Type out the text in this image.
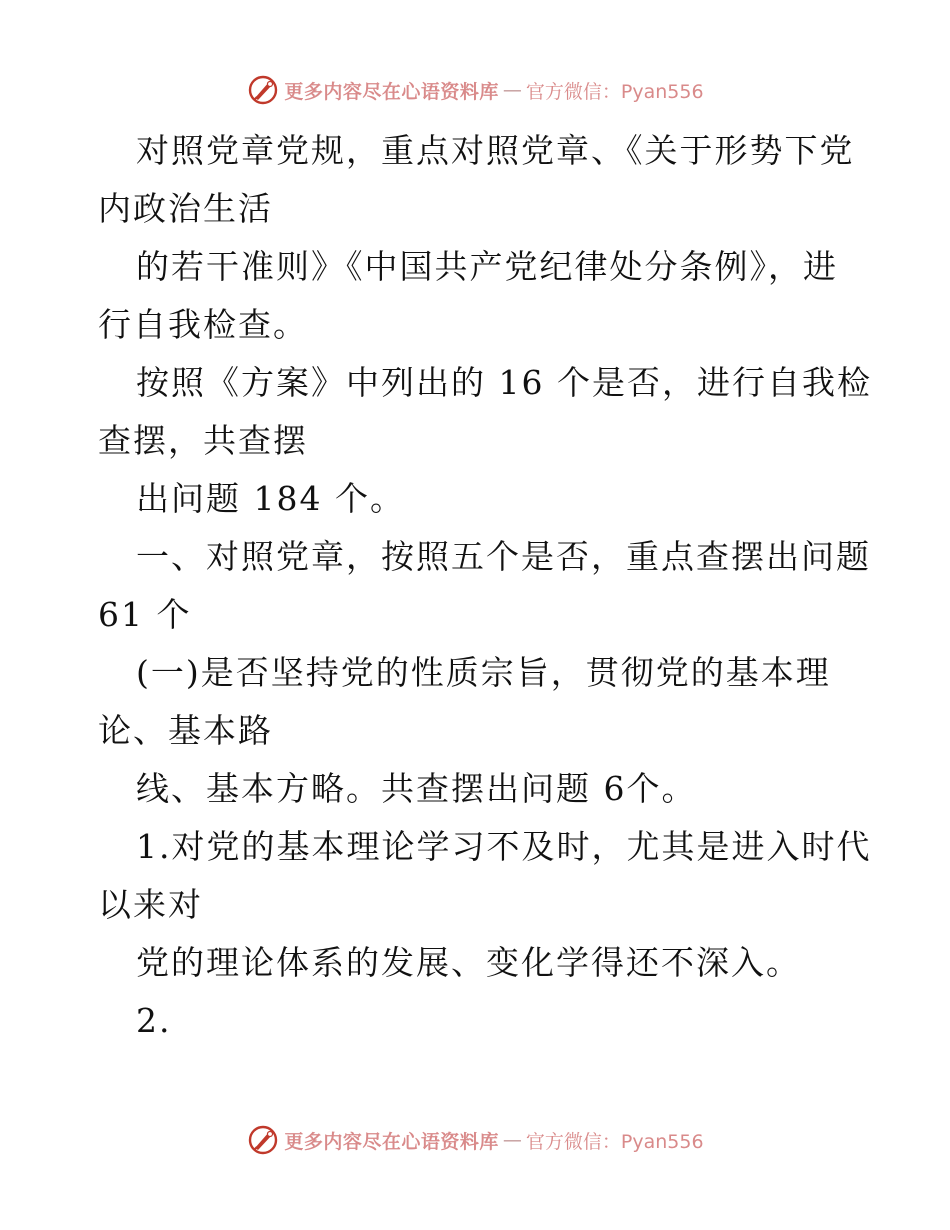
更多内容尽在心语资料库 — 官方微信：Pyan556
对照党章党规，重点对照党章、《关于形势下党
内政治生活
的若干准则》《中国共产党纪律处分条例》，进
行自我检查。
按照《方案》中列出的 16 个是否，进行自我检
查摆，共查摆
出问题 184 个。
一、对照党章，按照五个是否，重点查摆出问题
61 个
(一)是否坚持党的性质宗旨，贯彻党的基本理
论、基本路
线、基本方略。共查摆出问题 6个。
1.对党的基本理论学习不及时，尤其是进入时代
以来对
党的理论体系的发展、变化学得还不深入。
2.
更多内容尽在心语资料库 — 官方微信：Pyan556
